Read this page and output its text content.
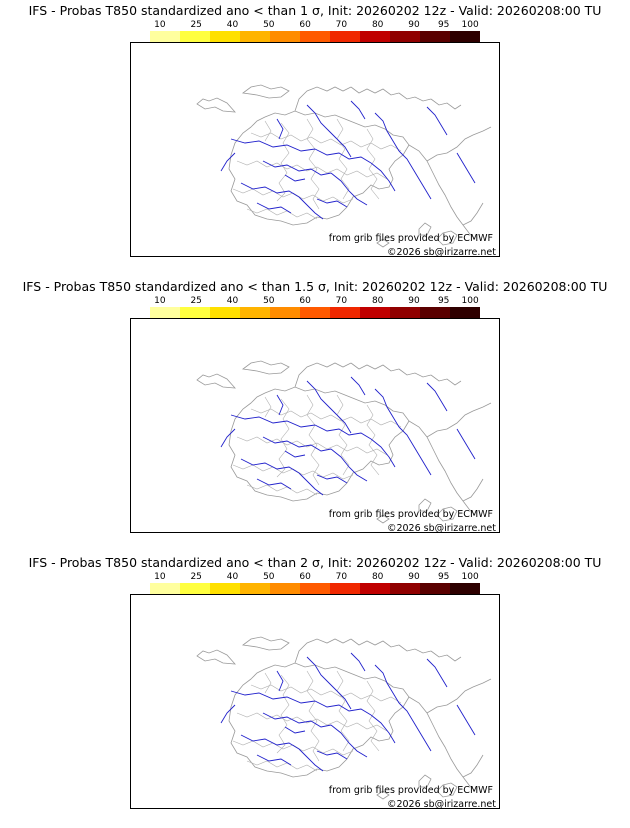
IFS - Probas T850 standardized ano < than 1 σ, Init: 20260202 12z - Valid: 20260208:00 TU
10	25	40	50	60	70	80	90 95 100
from grib files provided by ECMWF
©2026 sb@irizarre.net
IFS - Probas T850 standardized ano < than 1.5 σ, Init: 20260202 12z - Valid: 20260208:00 TU
10	25	40	50	60	70	80	90 95 100
from grib files provided by ECMWF
©2026 sb@irizarre.net
IFS - Probas T850 standardized ano < than 2 σ, Init: 20260202 12z - Valid: 20260208:00 TU
10	25	40	50	60	70	80	90 95 100
from grib files provided by ECMWF
©2026 sb@irizarre.net
